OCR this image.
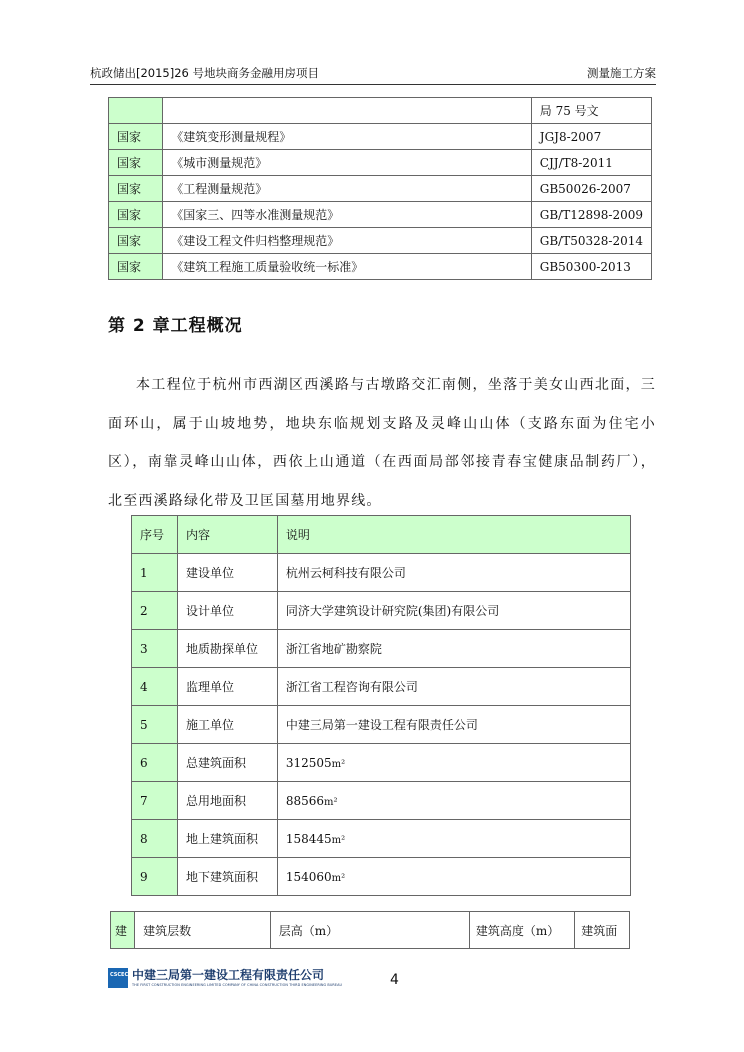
杭政储出[2015]26 号地块商务金融用房项目	测量施工方案
		局 75 号文
国家	《建筑变形测量规程》	JGJ8-2007
国家	《城市测量规范》	CJJ/T8-2011
国家	《工程测量规范》	GB50026-2007
国家	《国家三、四等水准测量规范》	GB/T12898-2009
国家	《建设工程文件归档整理规范》	GB/T50328-2014
国家	《建筑工程施工质量验收统一标准》	GB50300-2013
第 2 章工程概况
本工程位于杭州市西湖区西溪路与古墩路交汇南侧，坐落于美女山西北面，三面环山，属于山坡地势，地块东临规划支路及灵峰山山体（支路东面为住宅小区），南靠灵峰山山体，西依上山通道（在西面局部邻接青春宝健康品制药厂），北至西溪路绿化带及卫匡国墓用地界线。
序号	内容	说明
1	建设单位	杭州云柯科技有限公司
2	设计单位	同济大学建筑设计研究院(集团)有限公司
3	地质勘探单位	浙江省地矿勘察院
4	监理单位	浙江省工程咨询有限公司
5	施工单位	中建三局第一建设工程有限责任公司
6	总建筑面积	312505m²
7	总用地面积	88566m²
8	地上建筑面积	158445m²
9	地下建筑面积	154060m²
建	建筑层数	层高（m）	建筑高度（m）	建筑面
CSCEC 中建三局第一建设工程有限责任公司
THE FIRST CONSTRUCTION ENGINEERING LIMITED COMPANY OF CHINA CONSTRUCTION THIRD ENGINEERING BUREAU	4
